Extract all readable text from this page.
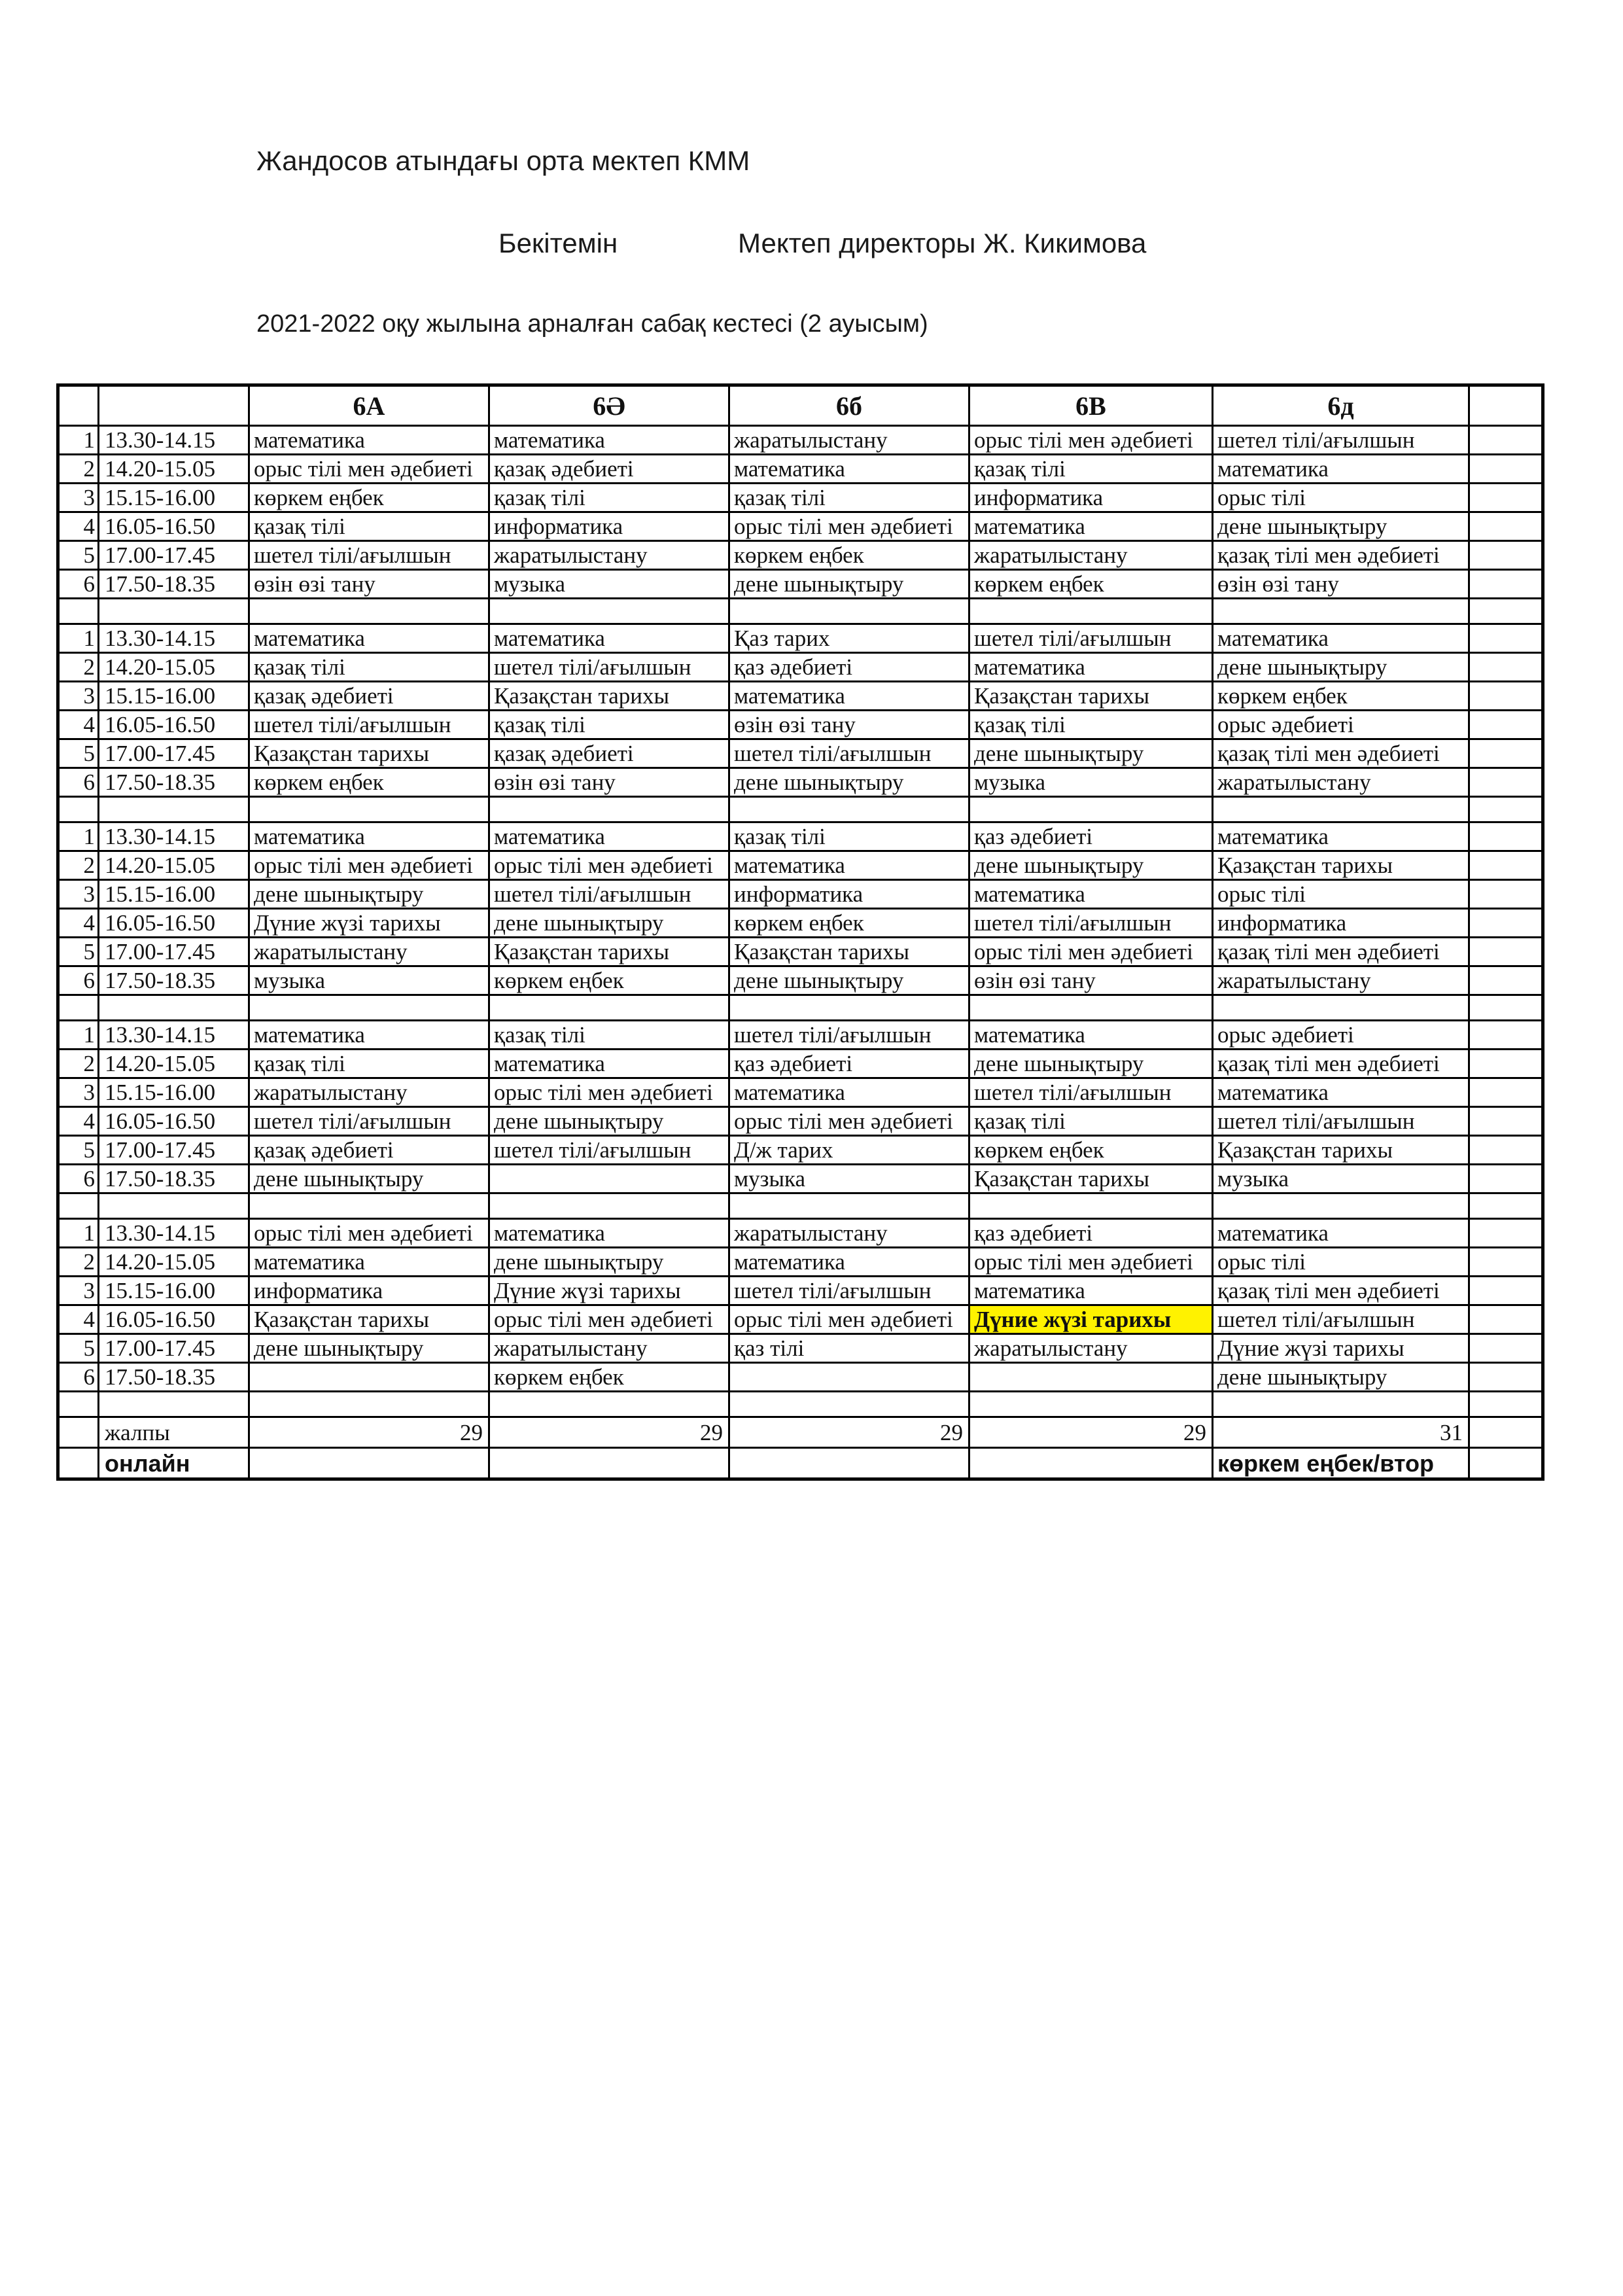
Жандосов атындағы орта мектеп КММ
Бекітемін	Мектеп директоры Ж. Кикимова
2021-2022 оқу жылына арналған сабақ кестесі (2 ауысым)
		6А	6Ә	6б	6В	6д	
1	13.30-14.15	математика	математика	жаратылыстану	орыс тілі мен әдебиеті	шетел тілі/ағылшын	
2	14.20-15.05	орыс тілі мен әдебиеті	қазақ әдебиеті	математика	қазақ тілі	математика	
3	15.15-16.00	көркем еңбек	қазақ тілі	қазақ тілі	информатика	орыс тілі	
4	16.05-16.50	қазақ тілі	информатика	орыс тілі мен әдебиеті	математика	дене шынықтыру	
5	17.00-17.45	шетел тілі/ағылшын	жаратылыстану	көркем еңбек	жаратылыстану	қазақ тілі мен әдебиеті	
6	17.50-18.35	өзін өзі тану	музыка	дене шынықтыру	көркем еңбек	өзін өзі тану	

1	13.30-14.15	математика	математика	Қаз тарих	шетел тілі/ағылшын	математика	
2	14.20-15.05	қазақ тілі	шетел тілі/ағылшын	қаз әдебиеті	математика	дене шынықтыру	
3	15.15-16.00	қазақ әдебиеті	Қазақстан тарихы	математика	Қазақстан тарихы	көркем еңбек	
4	16.05-16.50	шетел тілі/ағылшын	қазақ тілі	өзін өзі тану	қазақ тілі	орыс әдебиеті	
5	17.00-17.45	Қазақстан тарихы	қазақ әдебиеті	шетел тілі/ағылшын	дене шынықтыру	қазақ тілі мен әдебиеті	
6	17.50-18.35	көркем еңбек	өзін өзі тану	дене шынықтыру	музыка	жаратылыстану	

1	13.30-14.15	математика	математика	қазақ тілі	қаз әдебиеті	математика	
2	14.20-15.05	орыс тілі мен әдебиеті	орыс тілі мен әдебиеті	математика	дене шынықтыру	Қазақстан тарихы	
3	15.15-16.00	дене шынықтыру	шетел тілі/ағылшын	информатика	математика	орыс тілі	
4	16.05-16.50	Дүние жүзі тарихы	дене шынықтыру	көркем еңбек	шетел тілі/ағылшын	информатика	
5	17.00-17.45	жаратылыстану	Қазақстан тарихы	Қазақстан тарихы	орыс тілі мен әдебиеті	қазақ тілі мен әдебиеті	
6	17.50-18.35	музыка	көркем еңбек	дене шынықтыру	өзін өзі тану	жаратылыстану	

1	13.30-14.15	математика	қазақ тілі	шетел тілі/ағылшын	математика	орыс әдебиеті	
2	14.20-15.05	қазақ тілі	математика	қаз әдебиеті	дене шынықтыру	қазақ тілі мен әдебиеті	
3	15.15-16.00	жаратылыстану	орыс тілі мен әдебиеті	математика	шетел тілі/ағылшын	математика	
4	16.05-16.50	шетел тілі/ағылшын	дене шынықтыру	орыс тілі мен әдебиеті	қазақ тілі	шетел тілі/ағылшын	
5	17.00-17.45	қазақ әдебиеті	шетел тілі/ағылшын	Д/ж тарих	көркем еңбек	Қазақстан тарихы	
6	17.50-18.35	дене шынықтыру		музыка	Қазақстан тарихы	музыка	

1	13.30-14.15	орыс тілі мен әдебиеті	математика	жаратылыстану	қаз әдебиеті	математика	
2	14.20-15.05	математика	дене шынықтыру	математика	орыс тілі мен әдебиеті	орыс тілі	
3	15.15-16.00	информатика	Дүние жүзі тарихы	шетел тілі/ағылшын	математика	қазақ тілі мен әдебиеті	
4	16.05-16.50	Қазақстан тарихы	орыс тілі мен әдебиеті	орыс тілі мен әдебиеті	Дүние жүзі тарихы	шетел тілі/ағылшын	
5	17.00-17.45	дене шынықтыру	жаратылыстану	қаз тілі	жаратылыстану	Дүние жүзі тарихы	
6	17.50-18.35		көркем еңбек			дене шынықтыру	

	жалпы	29	29	29	29	31	
	онлайн					көркем еңбек/втор	
